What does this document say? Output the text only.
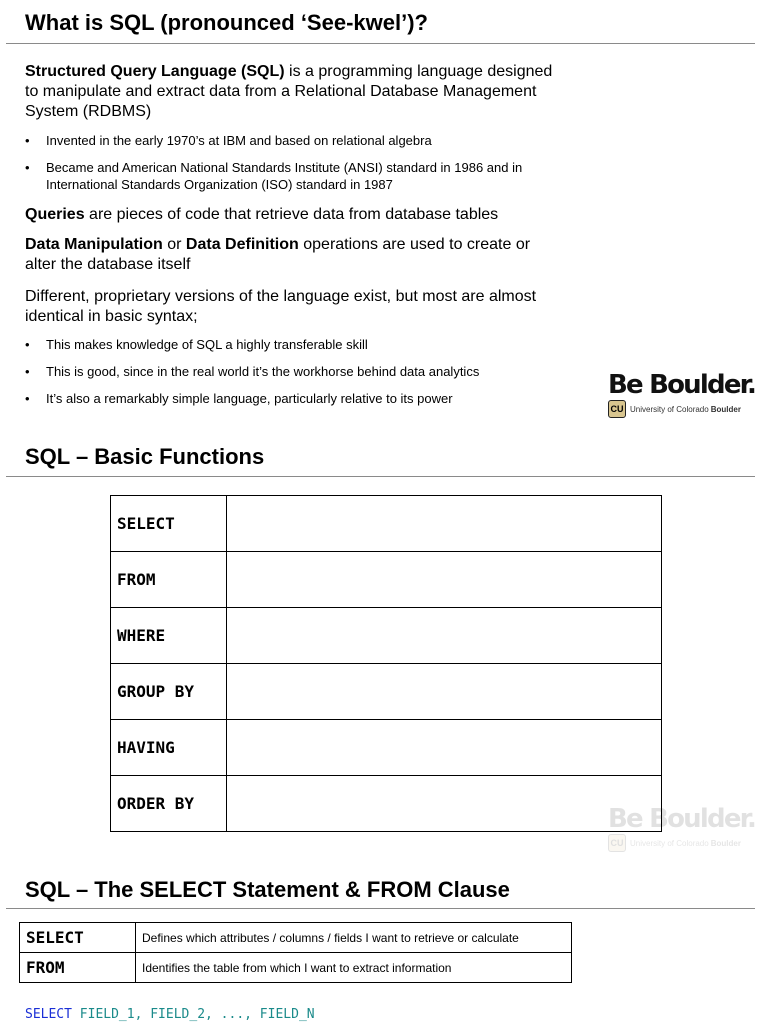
What is SQL (pronounced ‘See-kwel’)?

Structured Query Language (SQL) is a programming language designed to manipulate and extract data from a Relational Database Management System (RDBMS)

•	Invented in the early 1970’s at IBM and based on relational algebra
•	Became and American National Standards Institute (ANSI) standard in 1986 and in International Standards Organization (ISO) standard in 1987

Queries are pieces of code that retrieve data from database tables

Data Manipulation or Data Definition operations are used to create or alter the database itself

Different, proprietary versions of the language exist, but most are almost identical in basic syntax;

•	This makes knowledge of SQL a highly transferable skill
•	This is good, since in the real world it’s the workhorse behind data analytics
•	It’s also a remarkably simple language, particularly relative to its power	Be Boulder.
CU University of Colorado Boulder
SQL – Basic Functions
SELECT	
FROM	
WHERE	
GROUP BY	
HAVING	
ORDER BY	
Be Boulder.
CU University of Colorado Boulder
SQL – The SELECT Statement & FROM Clause
SELECT	Defines which attributes / columns / fields I want to retrieve or calculate
FROM	Identifies the table from which I want to extract information
SELECT FIELD_1, FIELD_2, ..., FIELD_N
